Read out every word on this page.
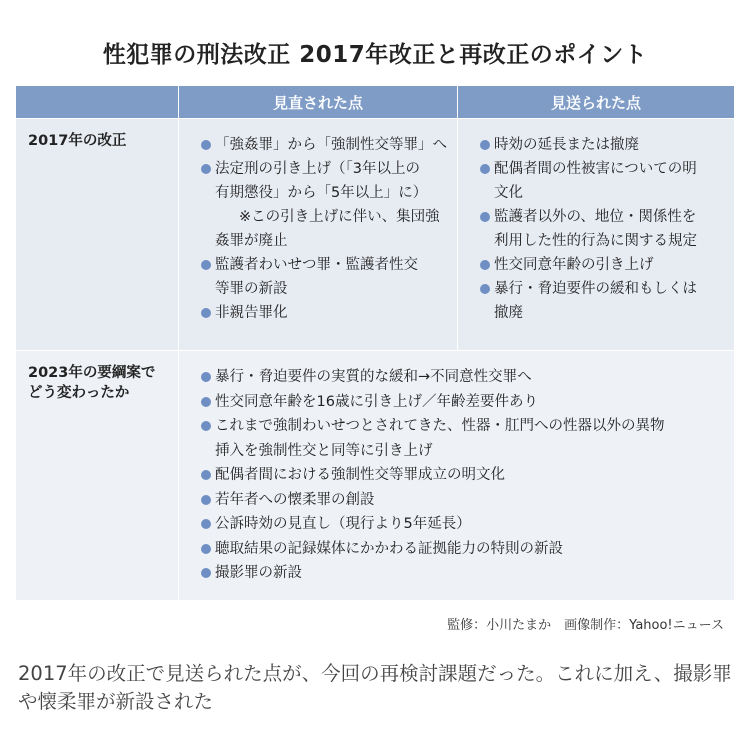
性犯罪の刑法改正 2017年改正と再改正のポイント
見直された点	見送られた点
2017年の改正	「強姦罪」から「強制性交等罪」へ
法定刑の引き上げ（「3年以上の
有期懲役」から「5年以上」に）
※この引き上げに伴い、集団強
姦罪が廃止
監護者わいせつ罪・監護者性交
等罪の新設
非親告罪化
時効の延長または撤廃
配偶者間の性被害についての明
文化
監護者以外の、地位・関係性を
利用した性的行為に関する規定
性交同意年齢の引き上げ
暴行・脅迫要件の緩和もしくは
撤廃
2023年の要綱案で
どう変わったか
暴行・脅迫要件の実質的な緩和→不同意性交罪へ
性交同意年齢を16歳に引き上げ／年齢差要件あり
これまで強制わいせつとされてきた、性器・肛門への性器以外の異物
挿入を強制性交と同等に引き上げ
配偶者間における強制性交等罪成立の明文化
若年者への懐柔罪の創設
公訴時効の見直し（現行より5年延長）
聴取結果の記録媒体にかかわる証拠能力の特則の新設
撮影罪の新設
監修：小川たまか　画像制作：Yahoo!ニュース
2017年の改正で見送られた点が、今回の再検討課題だった。これに加え、撮影罪や懐柔罪が新設された
